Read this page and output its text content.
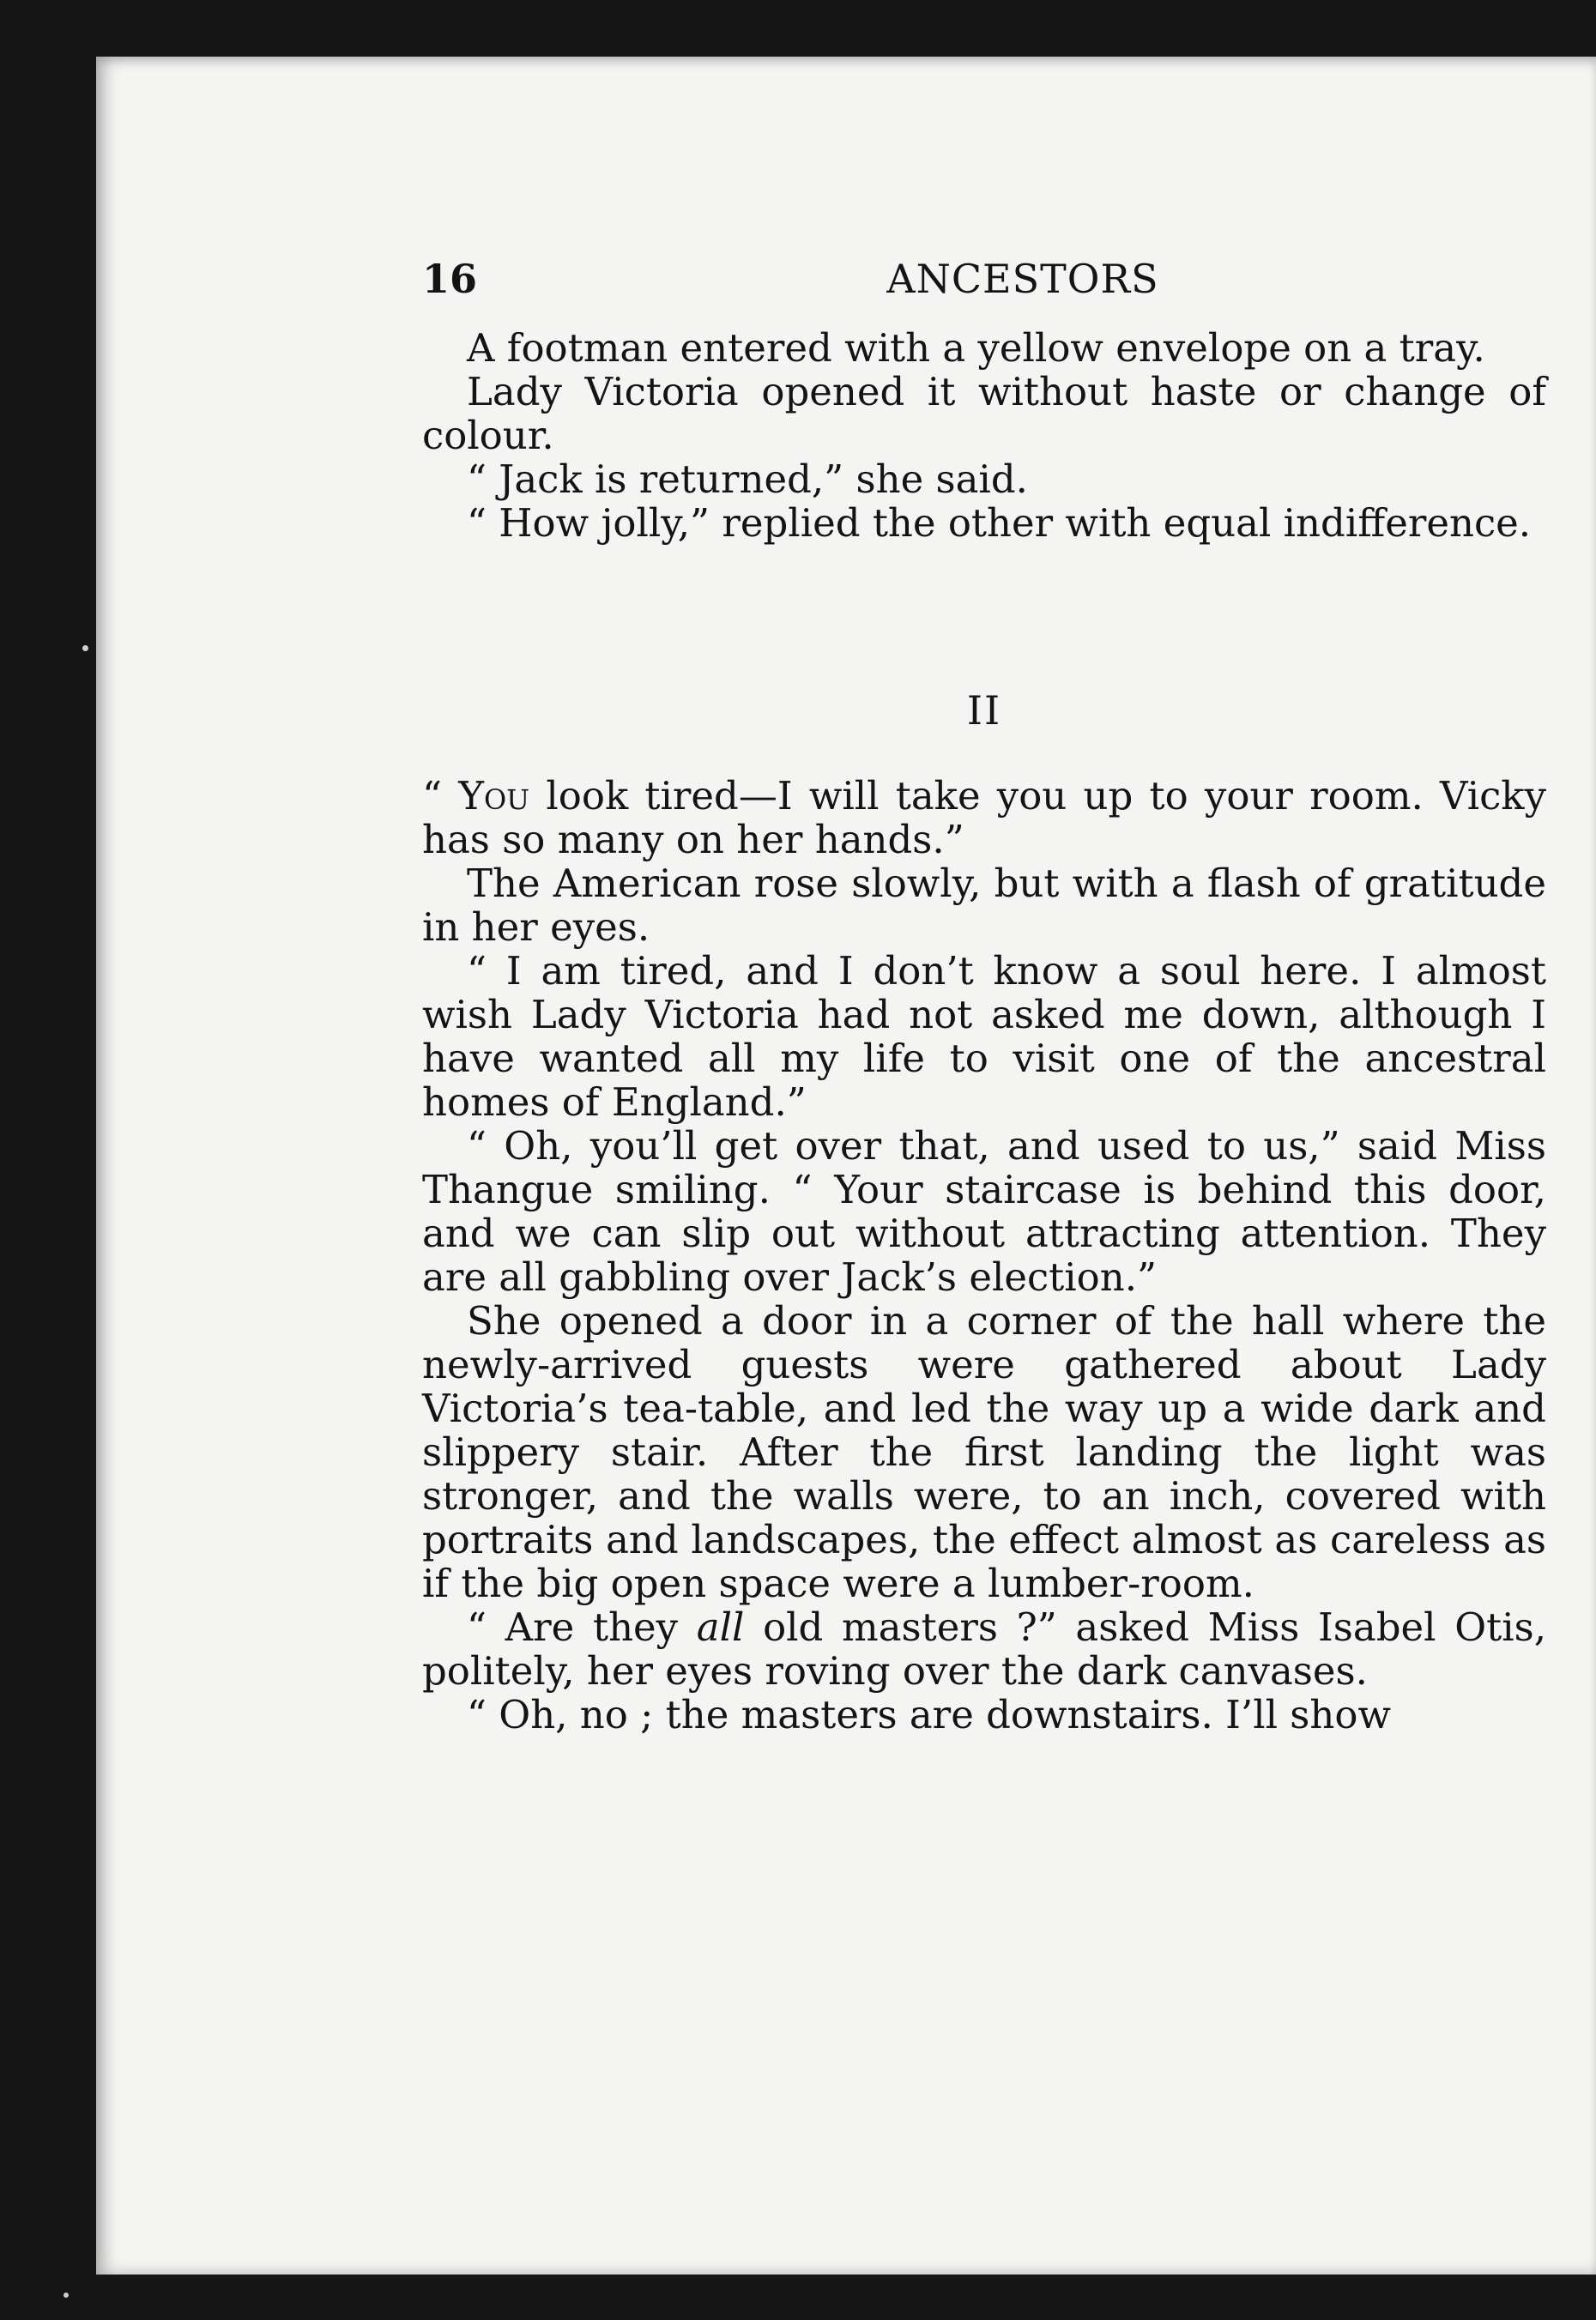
16	ANCESTORS

A footman entered with a yellow envelope on a tray.

Lady Victoria opened it without haste or change of colour.

“ Jack is returned,” she said.

“ How jolly,” replied the other with equal indifference.

II

“ You look tired—I will take you up to your room. Vicky has so many on her hands.”

The American rose slowly, but with a flash of gratitude in her eyes.

“ I am tired, and I don’t know a soul here. I almost wish Lady Victoria had not asked me down, although I have wanted all my life to visit one of the ancestral homes of England.”

“ Oh, you’ll get over that, and used to us,” said Miss Thangue smiling. “ Your staircase is behind this door, and we can slip out without attracting attention. They are all gabbling over Jack’s election.”

She opened a door in a corner of the hall where the newly-arrived guests were gathered about Lady Victoria’s tea-table, and led the way up a wide dark and slippery stair. After the first landing the light was stronger, and the walls were, to an inch, covered with portraits and landscapes, the effect almost as careless as if the big open space were a lumber-room.

“ Are they all old masters ?” asked Miss Isabel Otis, politely, her eyes roving over the dark canvases.

“ Oh, no ; the masters are downstairs. I’ll show
